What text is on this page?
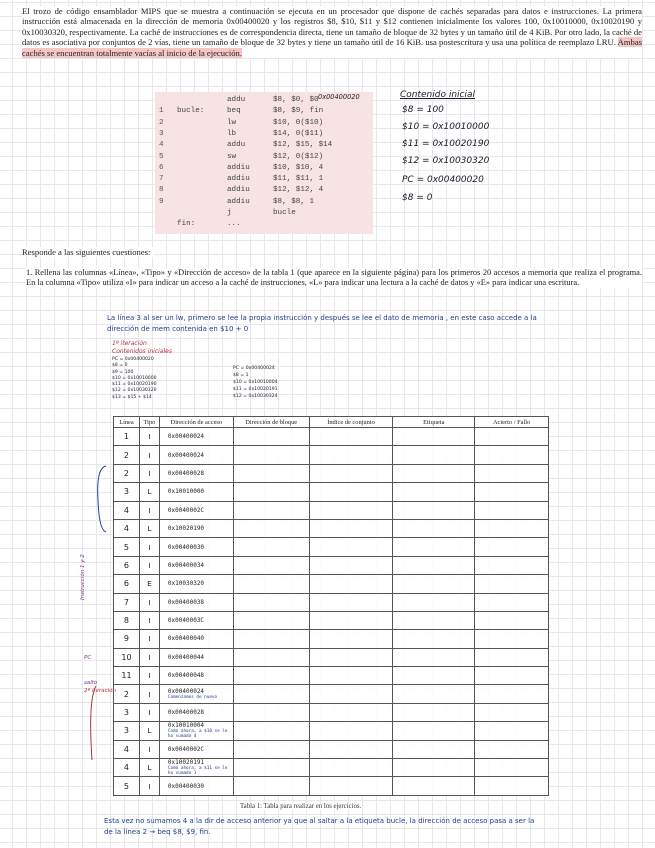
El trozo de código ensamblador MIPS que se muestra a continuación se ejecuta en un procesador que dispone de cachés separadas para datos e instrucciones. La primera instrucción está almacenada en la dirección de memoria 0x00400020 y los registros $8, $10, $11 y $12 contienen inicialmente los valores 100, 0x10010000, 0x10020190 y 0x10030320, respectivamente. La caché de instrucciones es de correspondencia directa, tiene un tamaño de bloque de 32 bytes y un tamaño útil de 4 KiB. Por otro lado, la caché de datos es asociativa por conjuntos de 2 vías, tiene un tamaño de bloque de 32 bytes y tiene un tamaño útil de 16 KiB. usa postescritura y usa una política de reemplazo LRU. Ambas cachés se encuentran totalmente vacías al inicio de la ejecución.
addu	$8, $0, $0
1 bucle:	beq	$8, $9, fin
2	lw	$10, 0($10)
3	lb	$14, 0($11)
4	addu	$12, $15, $14
5	sw	$12, 0($12)
6	addiu	$10, $10, 4
7	addiu	$11, $11, 1
8	addiu	$12, $12, 4
9	addiu	$8, $8, 1
j	bucle
fin:	...
0x00400020	Contenido inicial
$8 = 100
$10 = 0x10010000
$11 = 0x10020190
$12 = 0x10030320
PC = 0x00400020
$8 = 0
Responde a las siguientes cuestiones:
1. Rellena las columnas «Línea», «Tipo» y «Dirección de acceso» de la tabla 1 (que aparece en la siguiente página) para los primeros 20 accesos a memoria que realiza el programa. En la columna «Tipo» utiliza «I» para indicar un acceso a la caché de instrucciones, «L» para indicar una lectura a la caché de datos y «E» para indicar una escritura.
La línea 3 al ser un lw, primero se lee la propia instrucción y después se lee el dato de memoria , en este caso accede a la dirección de mem contenida en $10 + 0
1ª iteración
Contenidos iniciales
PC = 0x00400020
$8 = 0
$9 = 100
$10 = 0x10010000
$11 = 0x10020190
$12 = 0x10030320
$13 = $15 + $14
PC = 0x00400024
$8 = 1
$10 = 0x10010004
$11 = 0x10020191
$12 = 0x10030324
Línea	Tipo	Dirección de acceso	Dirección de bloque	Índice de conjunto	Etiqueta	Acierto / Fallo
1	I	0x00400024				
2	I	0x00400024				
2	I	0x00400028				
3	L	0x10010000				
4	I	0x0040002C				
4	L	0x10020190				
5	I	0x00400030				
6	I	0x00400034				
6	E	0x10030320				
7	I	0x00400038				
8	I	0x0040003C				
9	I	0x00400040				
10	I	0x00400044				
11	I	0x00400048				
2	I	0x00400024
Comenzamos de nuevo				

3	I	0x00400028				
3	L	0x10010004
Como ahora, a $10 se le ha sumado 4				

4	I	0x0040002C				
4	L	0x10020191
Como ahora, a $11 se le ha sumado 1				

5	I	0x00400030				
Instrucción 1 y 2
PC
salto
2ª iteración
Tabla 1: Tabla para realizar en los ejercicios.
Esta vez no sumamos 4 a la dir de acceso anterior ya que al saltar a la etiqueta bucle, la dirección de acceso pasa a ser la de la línea 2 → beq $8, $9, fin.
